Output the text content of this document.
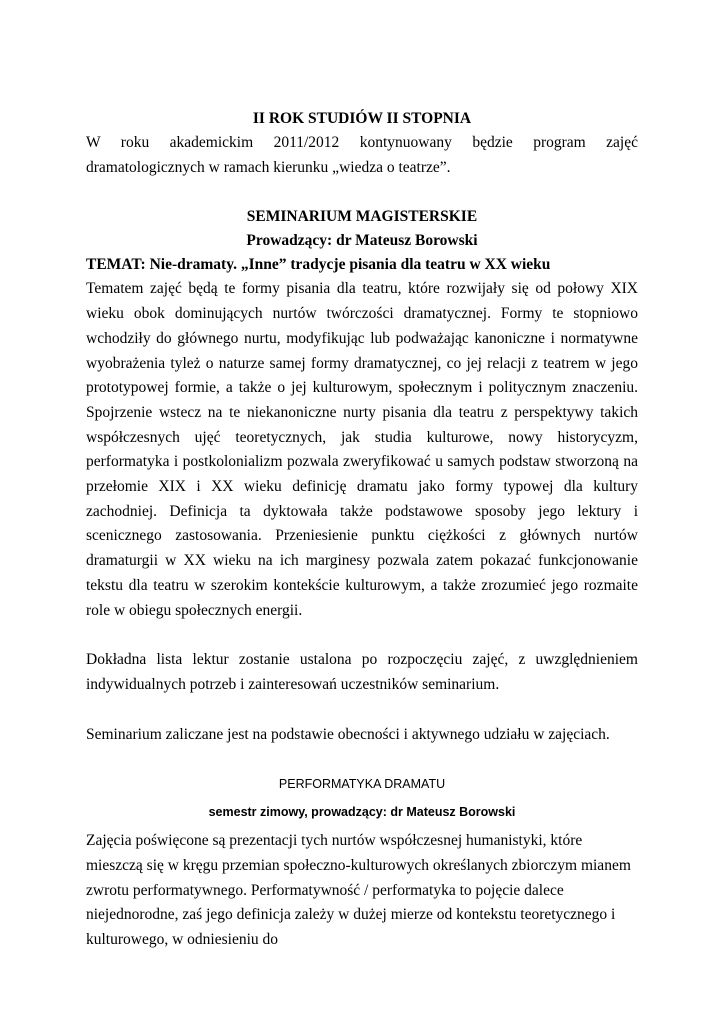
II ROK STUDIÓW II STOPNIA

W roku akademickim 2011/2012 kontynuowany będzie program zajęć dramatologicznych w ramach kierunku „wiedza o teatrze”.

SEMINARIUM MAGISTERSKIE

Prowadzący: dr Mateusz Borowski

TEMAT: Nie-dramaty. „Inne” tradycje pisania dla teatru w XX wieku

Tematem zajęć będą te formy pisania dla teatru, które rozwijały się od połowy XIX wieku obok dominujących nurtów twórczości dramatycznej. Formy te stopniowo wchodziły do głównego nurtu, modyfikując lub podważając kanoniczne i normatywne wyobrażenia tyleż o naturze samej formy dramatycznej, co jej relacji z teatrem w jego prototypowej formie, a także o jej kulturowym, społecznym i politycznym znaczeniu. Spojrzenie wstecz na te niekanoniczne nurty pisania dla teatru z perspektywy takich współczesnych ujęć teoretycznych, jak studia kulturowe, nowy historycyzm, performatyka i postkolonializm pozwala zweryfikować u samych podstaw stworzoną na przełomie XIX i XX wieku definicję dramatu jako formy typowej dla kultury zachodniej. Definicja ta dyktowała także podstawowe sposoby jego lektury i scenicznego zastosowania. Przeniesienie punktu ciężkości z głównych nurtów dramaturgii w XX wieku na ich marginesy pozwala zatem pokazać funkcjonowanie tekstu dla teatru w szerokim kontekście kulturowym, a także zrozumieć jego rozmaite role w obiegu społecznych energii.

Dokładna lista lektur zostanie ustalona po rozpoczęciu zajęć, z uwzględnieniem indywidualnych potrzeb i zainteresowań uczestników seminarium.

Seminarium zaliczane jest na podstawie obecności i aktywnego udziału w zajęciach.

PERFORMATYKA DRAMATU

semestr zimowy, prowadzący: dr Mateusz Borowski

Zajęcia poświęcone są prezentacji tych nurtów współczesnej humanistyki, które mieszczą się w kręgu przemian społeczno-kulturowych określanych zbiorczym mianem zwrotu performatywnego. Performatywność / performatyka to pojęcie dalece niejednorodne, zaś jego definicja zależy w dużej mierze od kontekstu teoretycznego i kulturowego, w odniesieniu do
